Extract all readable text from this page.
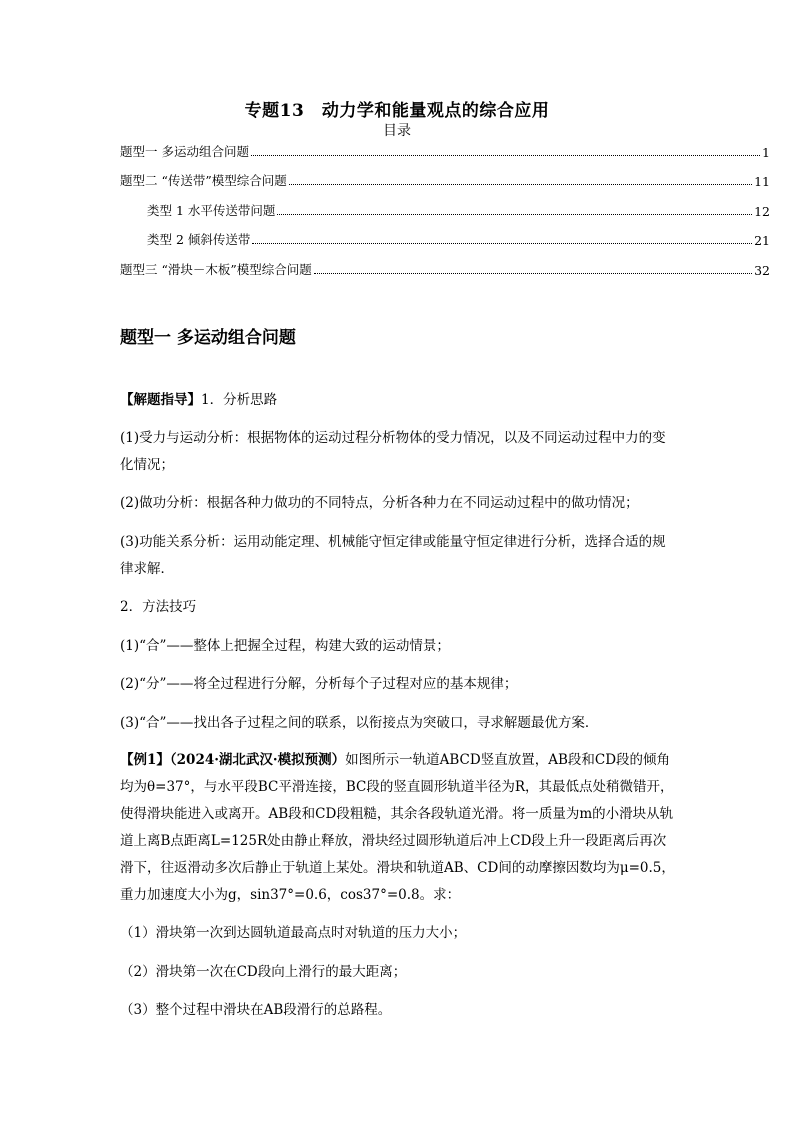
专题13　动力学和能量观点的综合应用
目录
题型一 多运动组合问题	1
题型二 “传送带”模型综合问题	11
类型 1 水平传送带问题	12
类型 2 倾斜传送带	21
题型三 “滑块－木板”模型综合问题	32
题型一 多运动组合问题
【解题指导】1．分析思路
(1)受力与运动分析：根据物体的运动过程分析物体的受力情况，以及不同运动过程中力的变化情况；
(2)做功分析：根据各种力做功的不同特点，分析各种力在不同运动过程中的做功情况；
(3)功能关系分析：运用动能定理、机械能守恒定律或能量守恒定律进行分析，选择合适的规律求解．
2．方法技巧
(1)“合”——整体上把握全过程，构建大致的运动情景；
(2)“分”——将全过程进行分解，分析每个子过程对应的基本规律；
(3)“合”——找出各子过程之间的联系，以衔接点为突破口，寻求解题最优方案．
【例1】（2024·湖北武汉·模拟预测）如图所示一轨道ABCD竖直放置，AB段和CD段的倾角均为θ=37°，与水平段BC平滑连接，BC段的竖直圆形轨道半径为R，其最低点处稍微错开，使得滑块能进入或离开。AB段和CD段粗糙，其余各段轨道光滑。将一质量为m的小滑块从轨道上离B点距离L=125R处由静止释放，滑块经过圆形轨道后冲上CD段上升一段距离后再次滑下，往返滑动多次后静止于轨道上某处。滑块和轨道AB、CD间的动摩擦因数均为μ=0.5，重力加速度大小为g，sin37°=0.6，cos37°=0.8。求：
（1）滑块第一次到达圆轨道最高点时对轨道的压力大小；
（2）滑块第一次在CD段向上滑行的最大距离；
（3）整个过程中滑块在AB段滑行的总路程。
